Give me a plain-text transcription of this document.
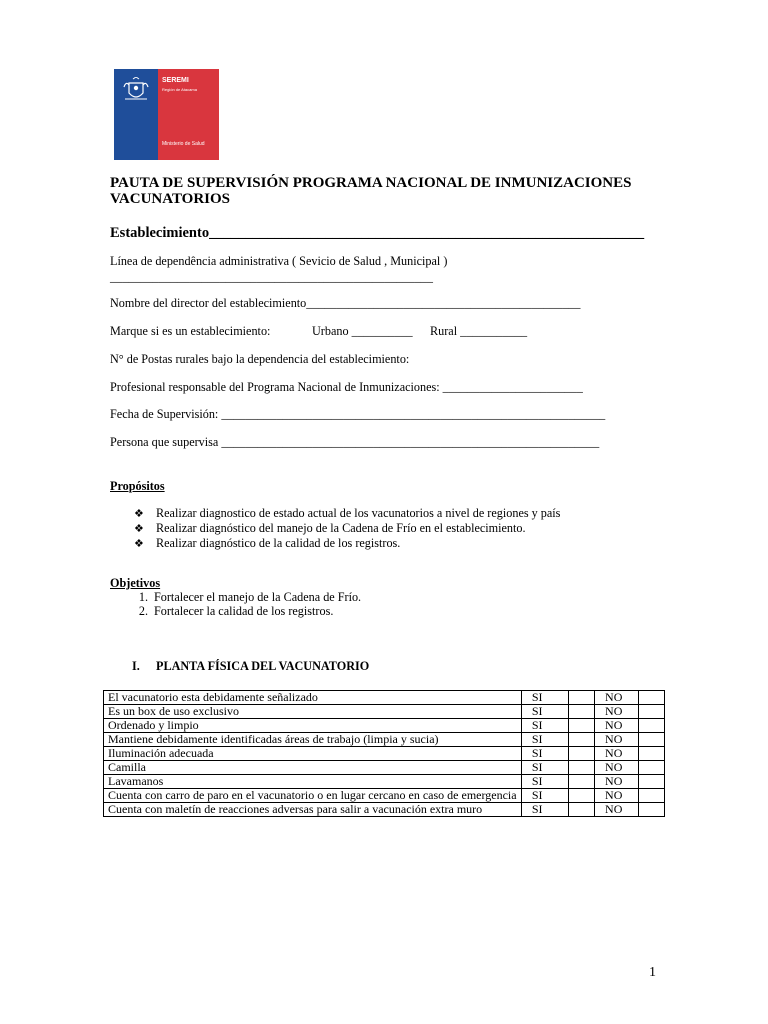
SEREMI
Región de Atacama
Ministerio de Salud
PAUTA DE SUPERVISIÓN PROGRAMA NACIONAL DE INMUNIZACIONES
VACUNATORIOS
Establecimiento____________________________________________________________
Línea de dependência administrativa ( Sevicio de Salud , Municipal )
_____________________________________________________
Nombre del director del establecimiento_____________________________________________
Marque si es un establecimiento:	Urbano __________ Rural ___________
N° de Postas rurales bajo la dependencia del establecimiento:
Profesional responsable del Programa Nacional de Inmunizaciones: _______________________
Fecha de Supervisión: _______________________________________________________________
Persona que supervisa ______________________________________________________________
Propósitos
❖ Realizar diagnostico de estado actual de los vacunatorios a nivel de regiones y país
❖ Realizar diagnóstico del manejo de la Cadena de Frío en el establecimiento.
❖ Realizar diagnóstico de la calidad de los registros.
Objetivos
1. Fortalecer el manejo de la Cadena de Frío.
2. Fortalecer la calidad de los registros.
I. PLANTA FÍSICA DEL VACUNATORIO
El vacunatorio esta debidamente señalizado	SI		NO	
Es un box de uso exclusivo	SI		NO	
Ordenado y limpio	SI		NO	
Mantiene debidamente identificadas áreas de trabajo (limpia y sucia)	SI		NO	
Iluminación adecuada	SI		NO	
Camilla	SI		NO	
Lavamanos	SI		NO	
Cuenta con carro de paro en el vacunatorio o en lugar cercano en caso de emergencia	SI		NO	
Cuenta con maletín de reacciones adversas para salir a vacunación extra muro	SI		NO	
1
